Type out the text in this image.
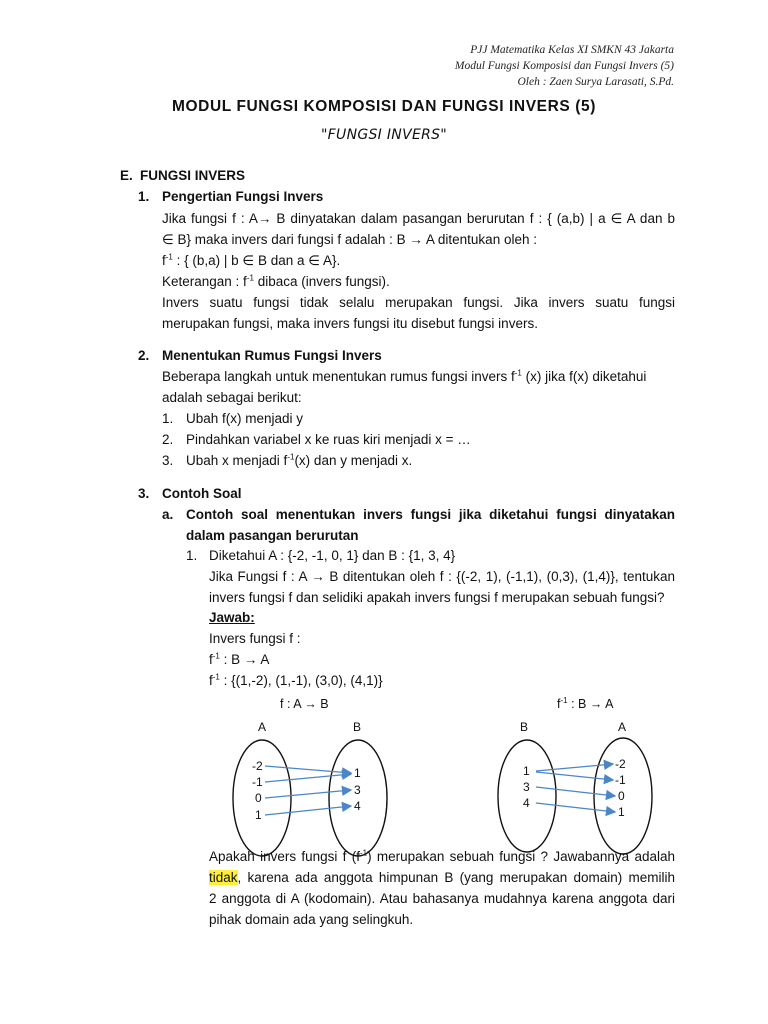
PJJ Matematika Kelas XI SMKN 43 Jakarta
Modul Fungsi Komposisi dan Fungsi Invers (5)
Oleh : Zaen Surya Larasati, S.Pd.
MODUL FUNGSI KOMPOSISI DAN FUNGSI INVERS (5)
"FUNGSI INVERS"
E. FUNGSI INVERS
1. Pengertian Fungsi Invers
Jika fungsi f : A→ B dinyatakan dalam pasangan berurutan f : { (a,b) | a ∈ A dan b
∈ B} maka invers dari fungsi f adalah : B → A ditentukan oleh :
$f^{-1}$ : { (b,a) | b ∈ B dan a ∈ A}.
Keterangan : $f^{-1}$ dibaca (invers fungsi).
Invers suatu fungsi tidak selalu merupakan fungsi. Jika invers suatu fungsi
merupakan fungsi, maka invers fungsi itu disebut fungsi invers.
2. Menentukan Rumus Fungsi Invers
Beberapa langkah untuk menentukan rumus fungsi invers $f^{-1}$ (x) jika f(x) diketahui
adalah sebagai berikut:
1. Ubah f(x) menjadi y
2. Pindahkan variabel x ke ruas kiri menjadi x = …
3. Ubah x menjadi $f^{-1}(x)$ dan y menjadi x.
3. Contoh Soal
a. Contoh soal menentukan invers fungsi jika diketahui fungsi dinyatakan
dalam pasangan berurutan
1. Diketahui A : {-2, -1, 0, 1} dan B : {1, 3, 4}
Jika Fungsi f : A → B ditentukan oleh f : {(-2, 1), (-1,1), (0,3), (1,4)}, tentukan
invers fungsi f dan selidiki apakah invers fungsi f merupakan sebuah fungsi?
Jawab:
Invers fungsi f :
$f^{-1}$ : B → A
$f^{-1}$ : {(1,-2), (1,-1), (3,0), (4,1)}
f : A → B	$f^{-1}$ : B → A
A	B
-2
-1
0
1
1
3
4
B	A
1
3
4
-2
-1
0
1
Apakah invers fungsi f $(f^{-1})$ merupakan sebuah fungsi ? Jawabannya adalah
tidak, karena ada anggota himpunan B (yang merupakan domain) memilih
2 anggota di A (kodomain). Atau bahasanya mudahnya karena anggota dari
pihak domain ada yang selingkuh.
